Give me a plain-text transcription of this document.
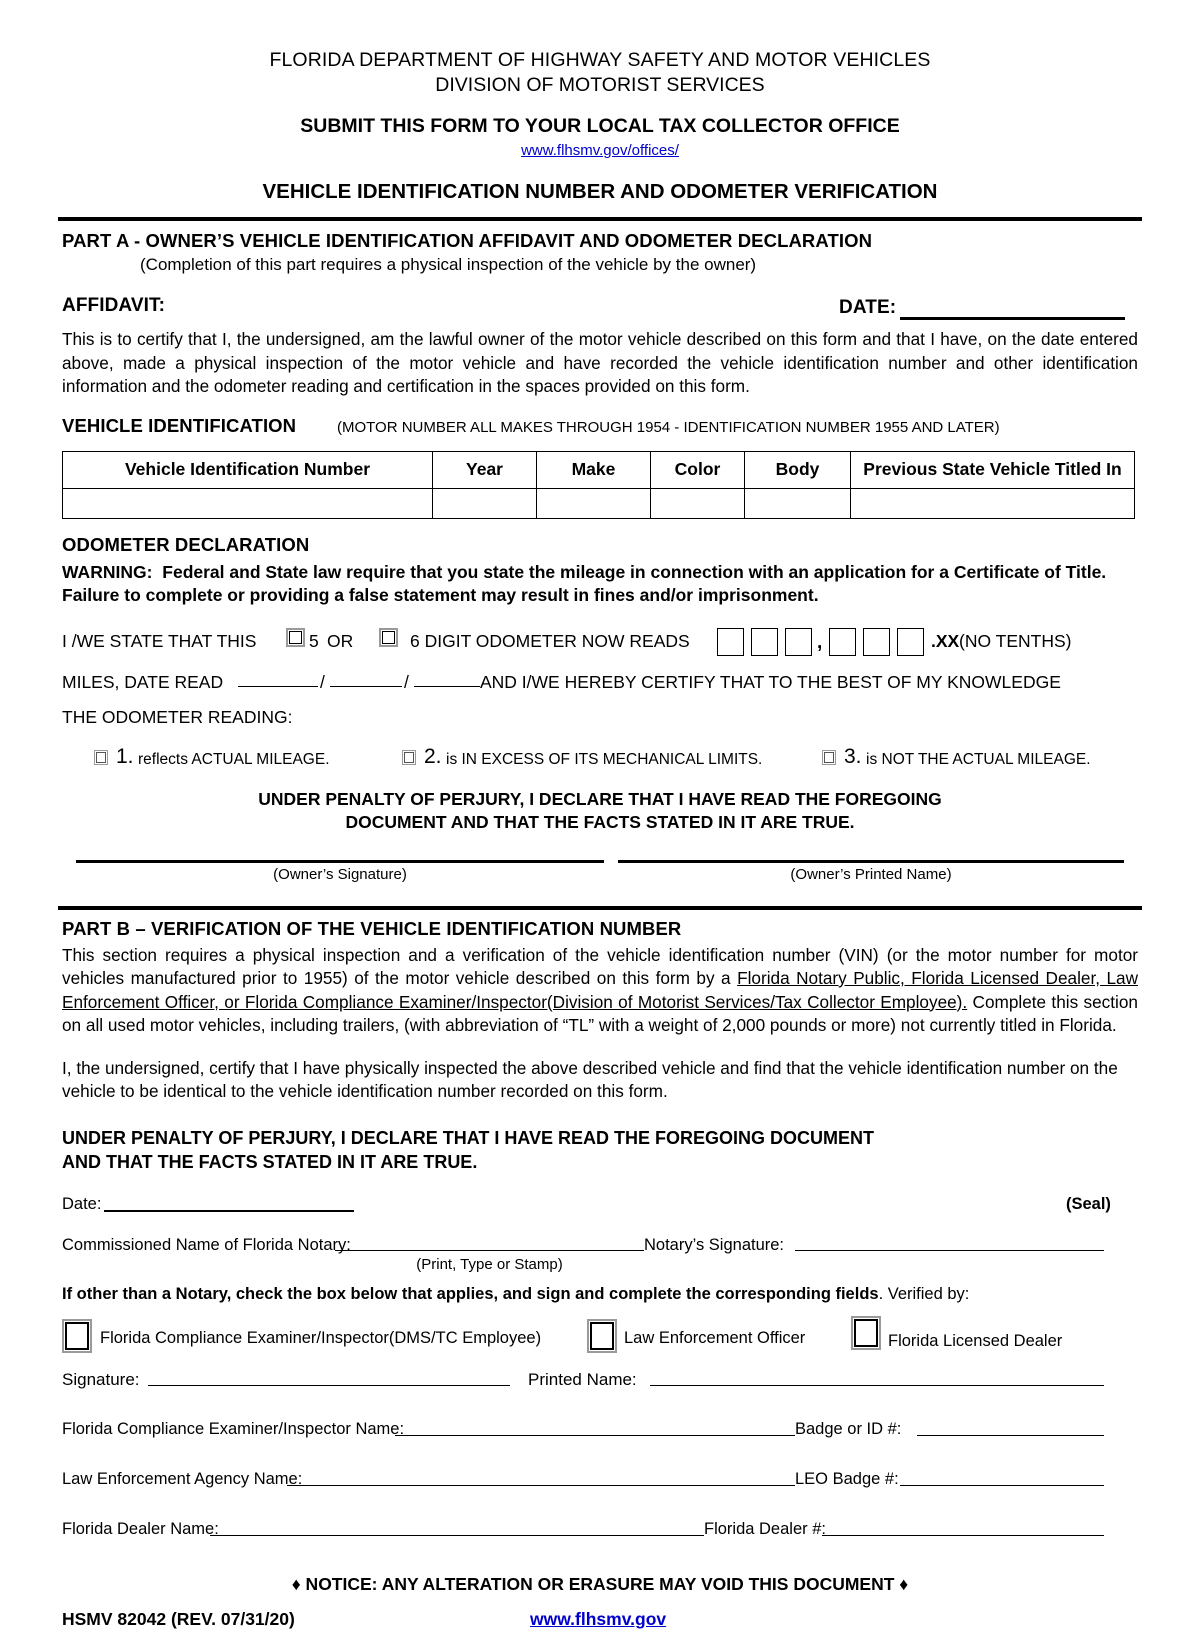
FLORIDA DEPARTMENT OF HIGHWAY SAFETY AND MOTOR VEHICLES
DIVISION OF MOTORIST SERVICES
SUBMIT THIS FORM TO YOUR LOCAL TAX COLLECTOR OFFICE
www.flhsmv.gov/offices/
VEHICLE IDENTIFICATION NUMBER AND ODOMETER VERIFICATION
PART A - OWNER’S VEHICLE IDENTIFICATION AFFIDAVIT AND ODOMETER DECLARATION
(Completion of this part requires a physical inspection of the vehicle by the owner)
AFFIDAVIT:	DATE:
This is to certify that I, the undersigned, am the lawful owner of the motor vehicle described on this form and that I have, on the date entered above, made a physical inspection of the motor vehicle and have recorded the vehicle identification number and other identification information and the odometer reading and certification in the spaces provided on this form.
VEHICLE IDENTIFICATION	(MOTOR NUMBER ALL MAKES THROUGH 1954 - IDENTIFICATION NUMBER 1955 AND LATER)
Vehicle Identification Number	Year	Make	Color	Body	Previous State Vehicle Titled In

ODOMETER DECLARATION
WARNING: Federal and State law require that you state the mileage in connection with an application for a Certificate of Title. Failure to complete or providing a false statement may result in fines and/or imprisonment.
I /WE STATE THAT THIS	5 OR	6 DIGIT ODOMETER NOW READS	,	.XX (NO TENTHS)
MILES, DATE READ	/	/	AND I/WE HEREBY CERTIFY THAT TO THE BEST OF MY KNOWLEDGE
THE ODOMETER READING:
1. reflects ACTUAL MILEAGE.	2. is IN EXCESS OF ITS MECHANICAL LIMITS.	3. is NOT THE ACTUAL MILEAGE.
UNDER PENALTY OF PERJURY, I DECLARE THAT I HAVE READ THE FOREGOING
DOCUMENT AND THAT THE FACTS STATED IN IT ARE TRUE.
(Owner’s Signature)	(Owner’s Printed Name)
PART B – VERIFICATION OF THE VEHICLE IDENTIFICATION NUMBER
This section requires a physical inspection and a verification of the vehicle identification number (VIN) (or the motor number for motor vehicles manufactured prior to 1955) of the motor vehicle described on this form by a Florida Notary Public, Florida Licensed Dealer, Law Enforcement Officer, or Florida Compliance Examiner/Inspector(Division of Motorist Services/Tax Collector Employee). Complete this section on all used motor vehicles, including trailers, (with abbreviation of “TL” with a weight of 2,000 pounds or more) not currently titled in Florida.
I, the undersigned, certify that I have physically inspected the above described vehicle and find that the vehicle identification number on the vehicle to be identical to the vehicle identification number recorded on this form.
UNDER PENALTY OF PERJURY, I DECLARE THAT I HAVE READ THE FOREGOING DOCUMENT
AND THAT THE FACTS STATED IN IT ARE TRUE.
Date:	(Seal)
Commissioned Name of Florida Notary:	Notary’s Signature:
(Print, Type or Stamp)
If other than a Notary, check the box below that applies, and sign and complete the corresponding fields. Verified by:
Florida Compliance Examiner/Inspector(DMS/TC Employee)	Law Enforcement Officer	Florida Licensed Dealer
Signature:	Printed Name:
Florida Compliance Examiner/Inspector Name:	Badge or ID #:
Law Enforcement Agency Name:	LEO Badge #:
Florida Dealer Name:	Florida Dealer #:
♦ NOTICE: ANY ALTERATION OR ERASURE MAY VOID THIS DOCUMENT ♦
HSMV 82042 (REV. 07/31/20)	www.flhsmv.gov
